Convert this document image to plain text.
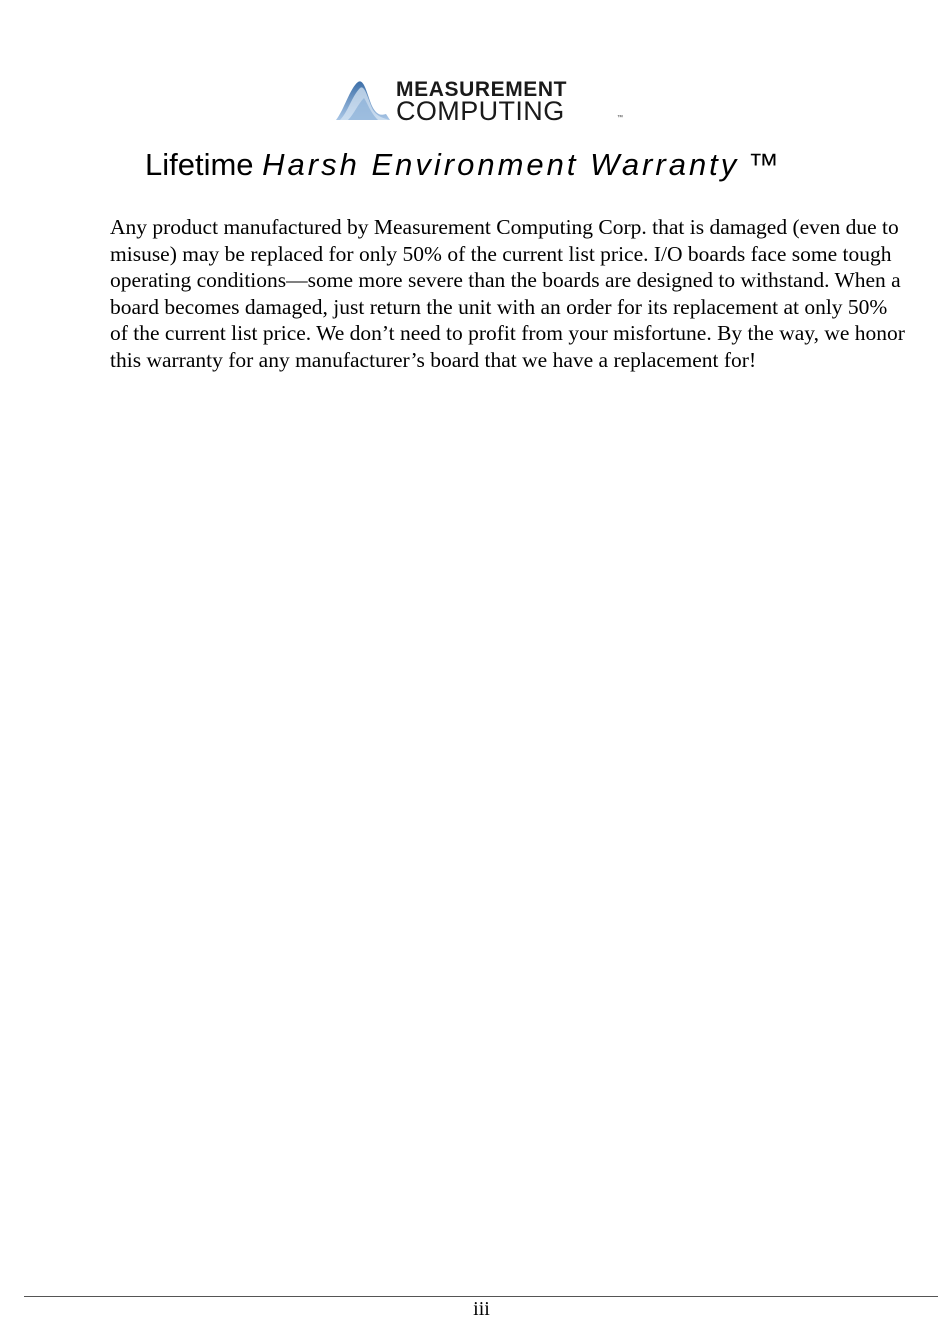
MEASUREMENT
COMPUTING	™
Lifetime Harsh Environment Warranty ™

Any product manufactured by Measurement Computing Corp. that is damaged (even due to misuse) may be replaced for only 50% of the current list price. I/O boards face some tough operating conditions—some more severe than the boards are designed to withstand. When a board becomes damaged, just return the unit with an order for its replacement at only 50% of the current list price. We don’t need to profit from your misfortune. By the way, we honor this warranty for any manufacturer’s board that we have a replacement for!

iii
